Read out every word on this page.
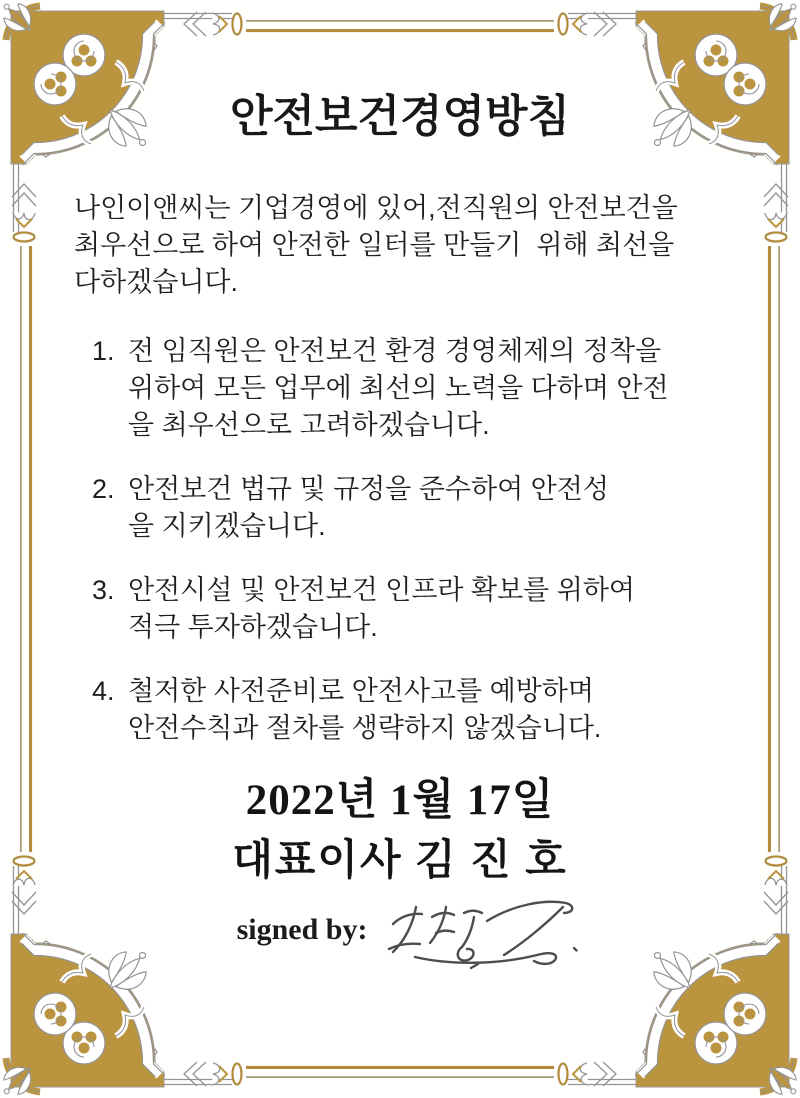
안전보건경영방침

나인이앤씨는 기업경영에 있어,전직원의 안전보건을
최우선으로 하여 안전한 일터를 만들기  위해 최선을
다하겠습니다.

1. 전 임직원은 안전보건 환경 경영체제의 정착을
위하여 모든 업무에 최선의 노력을 다하며 안전
을 최우선으로 고려하겠습니다.
2. 안전보건 법규 및 규정을 준수하여 안전성
을 지키겠습니다.
3. 안전시설 및 안전보건 인프라 확보를 위하여
적극 투자하겠습니다.
4. 철저한 사전준비로 안전사고를 예방하며
안전수칙과 절차를 생략하지 않겠습니다.
2022년 1월 17일
대표이사 김 진 호
signed by:
